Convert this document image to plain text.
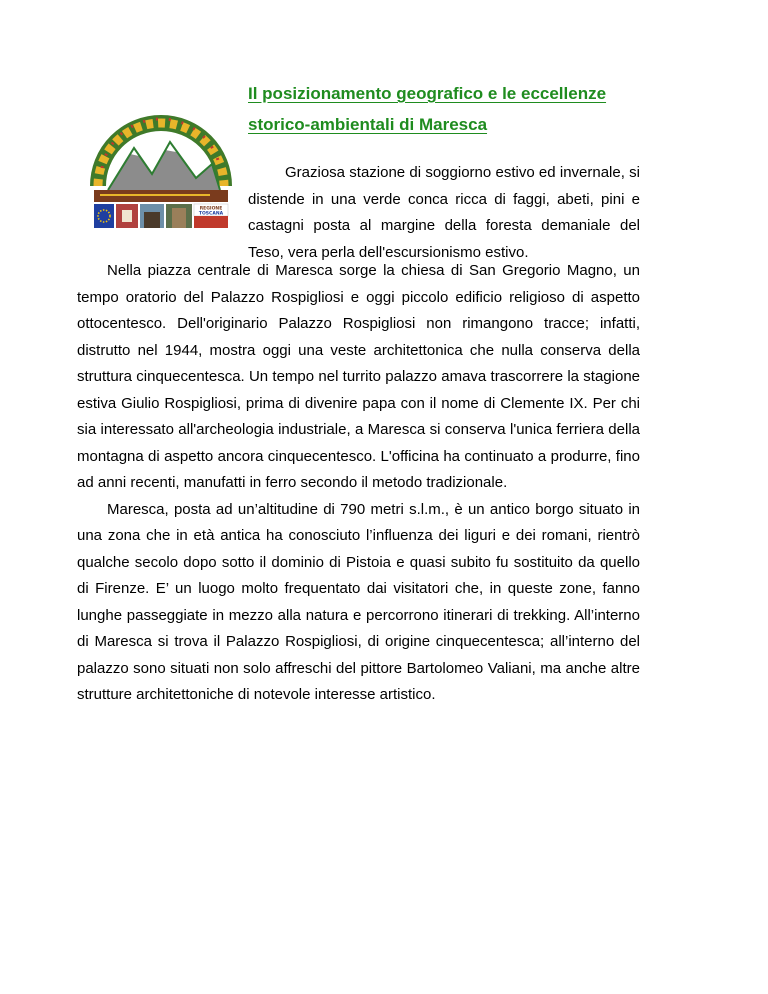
REGIONE
TOSCANA
Il posizionamento geografico e le eccellenze
storico-ambientali di Maresca

Graziosa stazione di soggiorno estivo ed invernale, si distende in una verde conca ricca di faggi, abeti, pini e castagni posta al margine della foresta demaniale del Teso, vera perla dell'escursionismo estivo.

Nella piazza centrale di Maresca sorge la chiesa di San Gregorio Magno, un tempo oratorio del Palazzo Rospigliosi e oggi piccolo edificio religioso di aspetto ottocentesco. Dell'originario Palazzo Rospigliosi non rimangono tracce; infatti, distrutto nel 1944, mostra oggi una veste architettonica che nulla conserva della struttura cinquecentesca. Un tempo nel turrito palazzo amava trascorrere la stagione estiva Giulio Rospigliosi, prima di divenire papa con il nome di Clemente IX. Per chi sia interessato all'archeologia industriale, a Maresca si conserva l'unica ferriera della montagna di aspetto ancora cinquecentesco. L'officina ha continuato a produrre, fino ad anni recenti, manufatti in ferro secondo il metodo tradizionale.

Maresca, posta ad un’altitudine di 790 metri s.l.m., è un antico borgo situato in una zona che in età antica ha conosciuto l’influenza dei liguri e dei romani, rientrò qualche secolo dopo sotto il dominio di Pistoia e quasi subito fu sostituito da quello di Firenze. E’ un luogo molto frequentato dai visitatori che, in queste zone, fanno lunghe passeggiate in mezzo alla natura e percorrono itinerari di trekking. All’interno di Maresca si trova il Palazzo Rospigliosi, di origine cinquecentesca; all’interno del palazzo sono situati non solo affreschi del pittore Bartolomeo Valiani, ma anche altre strutture architettoniche di notevole interesse artistico.
